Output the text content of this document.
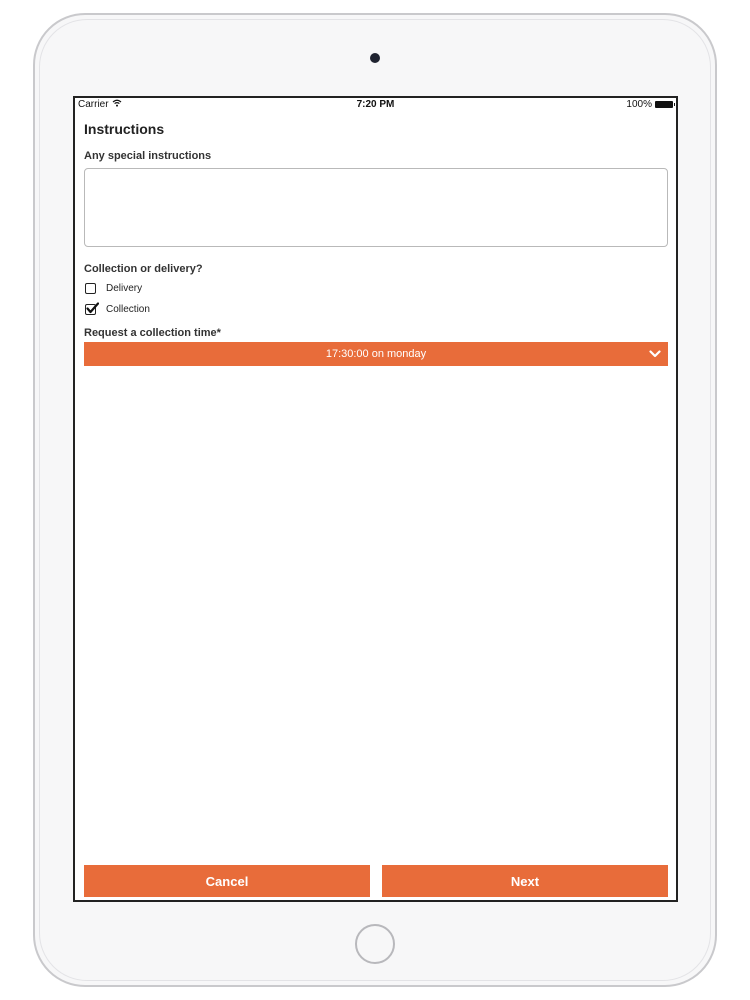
Carrier	7:20 PM	100%
Instructions
Any special instructions
Collection or delivery?
Delivery
Collection
Request a collection time*
17:30:00 on monday
Cancel	Next
